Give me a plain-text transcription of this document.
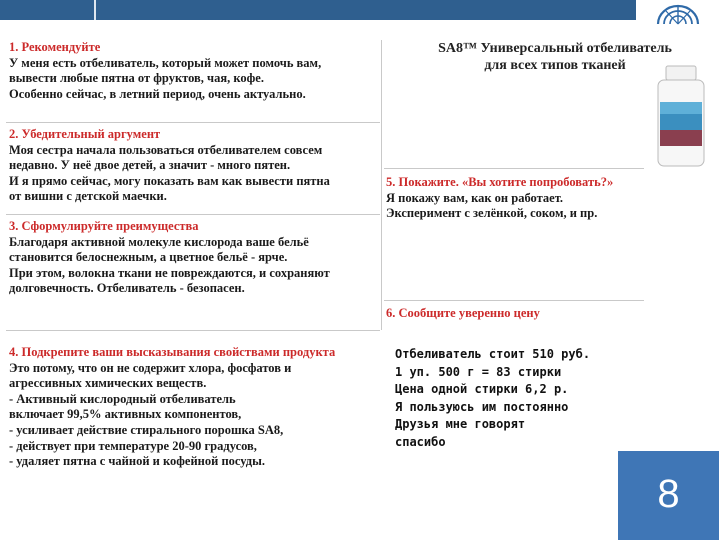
1. Рекомендуйте
У меня есть отбеливатель, который может помочь вам,
вывести любые пятна от фруктов, чая, кофе.
Особенно сейчас, в летний период, очень актуально.
2. Убедительный аргумент
Моя сестра начала пользоваться отбеливателем совсем
недавно. У неё двое детей, а значит - много пятен.
И я прямо сейчас, могу показать вам как вывести пятна
от вишни с детской маечки.
3. Сформулируйте преимущества
Благодаря активной молекуле кислорода ваше бельё
становится белоснежным, а цветное бельё - ярче.
При этом, волокна ткани не повреждаются, и сохраняют
долговечность. Отбеливатель - безопасен.
4. Подкрепите ваши высказывания свойствами продукта
Это потому, что он не содержит хлора, фосфатов и
агрессивных химических веществ.
- Активный кислородный отбеливатель
включает 99,5% активных компонентов,
- усиливает действие стирального порошка SA8,
- действует при температуре 20-90 градусов,
- удаляет пятна с чайной и кофейной посуды.
SA8™ Универсальный отбеливатель
для всех типов тканей
5. Покажите. «Вы хотите попробовать?»
Я покажу вам, как он работает.
Эксперимент с зелёнкой, соком, и пр.
6. Сообщите уверенно цену
Отбеливатель стоит 510 руб.
1 уп. 500 г = 83 стирки
Цена одной стирки 6,2 р.
Я пользуюсь им постоянно
Друзья мне говорят
спасибо
8
